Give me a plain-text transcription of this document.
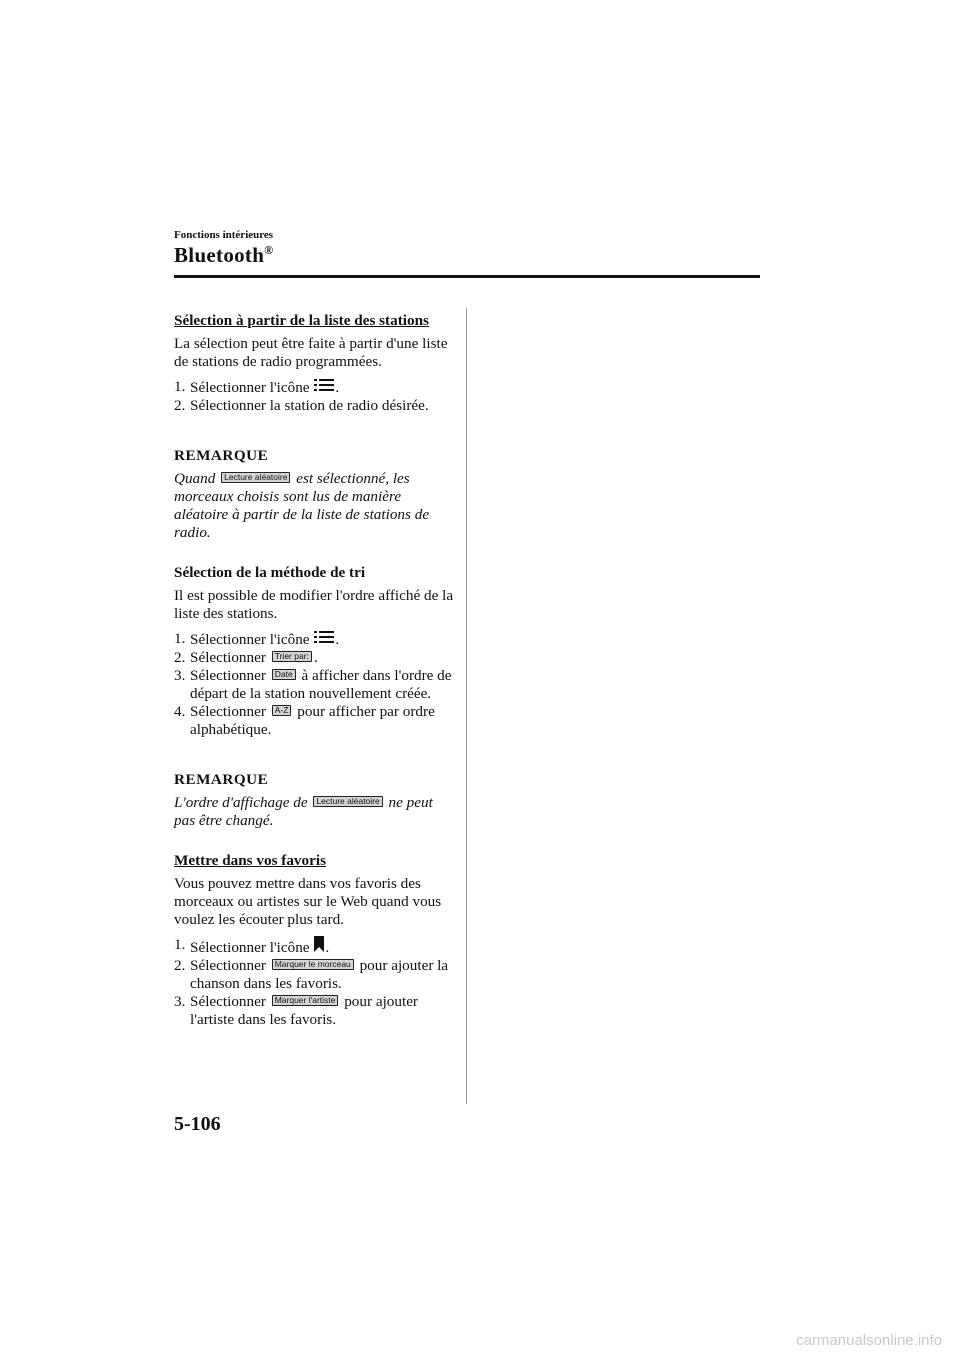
Fonctions intérieures
Bluetooth®
Sélection à partir de la liste des stations

La sélection peut être faite à partir d'une liste de stations de radio programmées.

1. Sélectionner l'icône .
2. Sélectionner la station de radio désirée.
REMARQUE

Quand Lecture aléatoire est sélectionné, les morceaux choisis sont lus de manière aléatoire à partir de la liste de stations de radio.

Sélection de la méthode de tri

Il est possible de modifier l'ordre affiché de la liste des stations.

1. Sélectionner l'icône .
2. Sélectionner Trier par: .
3. Sélectionner Date à afficher dans l'ordre de départ de la station nouvellement créée.
4. Sélectionner A-Z pour afficher par ordre alphabétique.
REMARQUE

L'ordre d'affichage de Lecture aléatoire ne peut pas être changé.

Mettre dans vos favoris

Vous pouvez mettre dans vos favoris des morceaux ou artistes sur le Web quand vous voulez les écouter plus tard.

1. Sélectionner l'icône .
2. Sélectionner Marquer le morceau pour ajouter la chanson dans les favoris.
3. Sélectionner Marquer l'artiste pour ajouter l'artiste dans les favoris.
5-106
carmanualsonline.info
